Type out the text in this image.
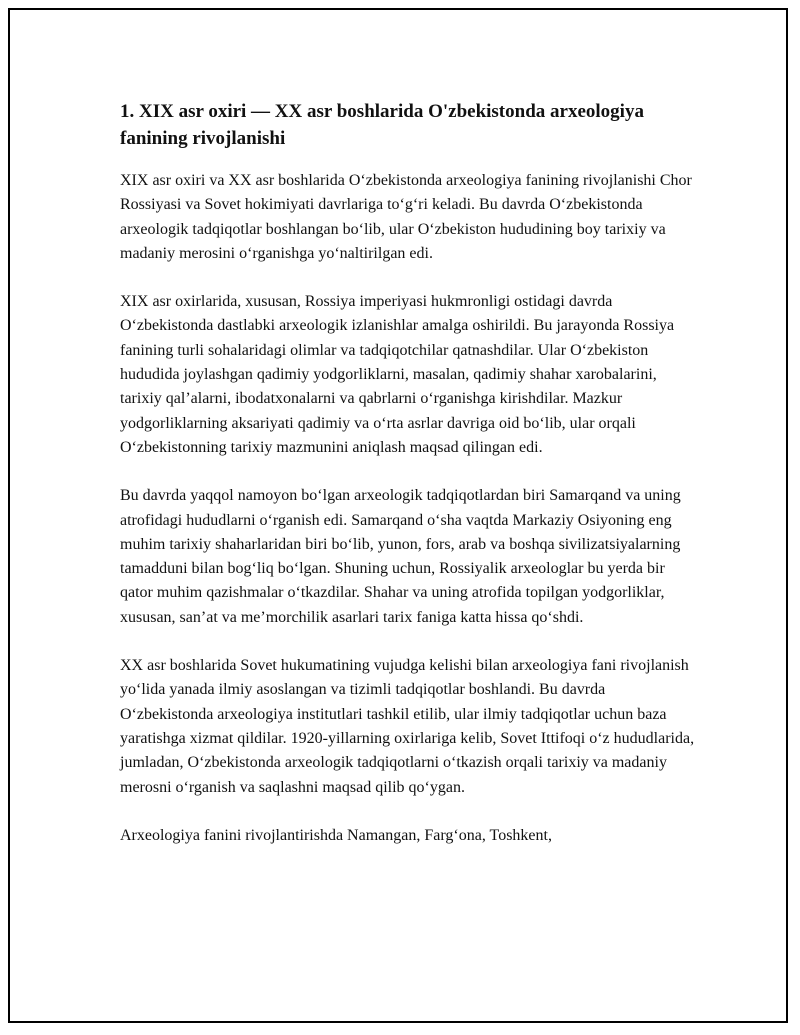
1. XIX asr oxiri — XX asr boshlarida O'zbekistonda arxeologiya fanining rivojlanishi

XIX asr oxiri va XX asr boshlarida O‘zbekistonda arxeologiya fanining rivojlanishi Chor Rossiyasi va Sovet hokimiyati davrlariga to‘g‘ri keladi. Bu davrda O‘zbekistonda arxeologik tadqiqotlar boshlangan bo‘lib, ular O‘zbekiston hududining boy tarixiy va madaniy merosini o‘rganishga yo‘naltirilgan edi.

XIX asr oxirlarida, xususan, Rossiya imperiyasi hukmronligi ostidagi davrda O‘zbekistonda dastlabki arxeologik izlanishlar amalga oshirildi. Bu jarayonda Rossiya fanining turli sohalaridagi olimlar va tadqiqotchilar qatnashdilar. Ular O‘zbekiston hududida joylashgan qadimiy yodgorliklarni, masalan, qadimiy shahar xarobalarini, tarixiy qal’alarni, ibodatxonalarni va qabrlarni o‘rganishga kirishdilar. Mazkur yodgorliklarning aksariyati qadimiy va o‘rta asrlar davriga oid bo‘lib, ular orqali O‘zbekistonning tarixiy mazmunini aniqlash maqsad qilingan edi.

Bu davrda yaqqol namoyon bo‘lgan arxeologik tadqiqotlardan biri Samarqand va uning atrofidagi hududlarni o‘rganish edi. Samarqand o‘sha vaqtda Markaziy Osiyoning eng muhim tarixiy shaharlaridan biri bo‘lib, yunon, fors, arab va boshqa sivilizatsiyalarning tamadduni bilan bog‘liq bo‘lgan. Shuning uchun, Rossiyalik arxeologlar bu yerda bir qator muhim qazishmalar o‘tkazdilar. Shahar va uning atrofida topilgan yodgorliklar, xususan, san’at va me’morchilik asarlari tarix faniga katta hissa qo‘shdi.

XX asr boshlarida Sovet hukumatining vujudga kelishi bilan arxeologiya fani rivojlanish yo‘lida yanada ilmiy asoslangan va tizimli tadqiqotlar boshlandi. Bu davrda O‘zbekistonda arxeologiya institutlari tashkil etilib, ular ilmiy tadqiqotlar uchun baza yaratishga xizmat qildilar. 1920-yillarning oxirlariga kelib, Sovet Ittifoqi o‘z hududlarida, jumladan, O‘zbekistonda arxeologik tadqiqotlarni o‘tkazish orqali tarixiy va madaniy merosni o‘rganish va saqlashni maqsad qilib qo‘ygan.

Arxeologiya fanini rivojlantirishda Namangan, Farg‘ona, Toshkent,
